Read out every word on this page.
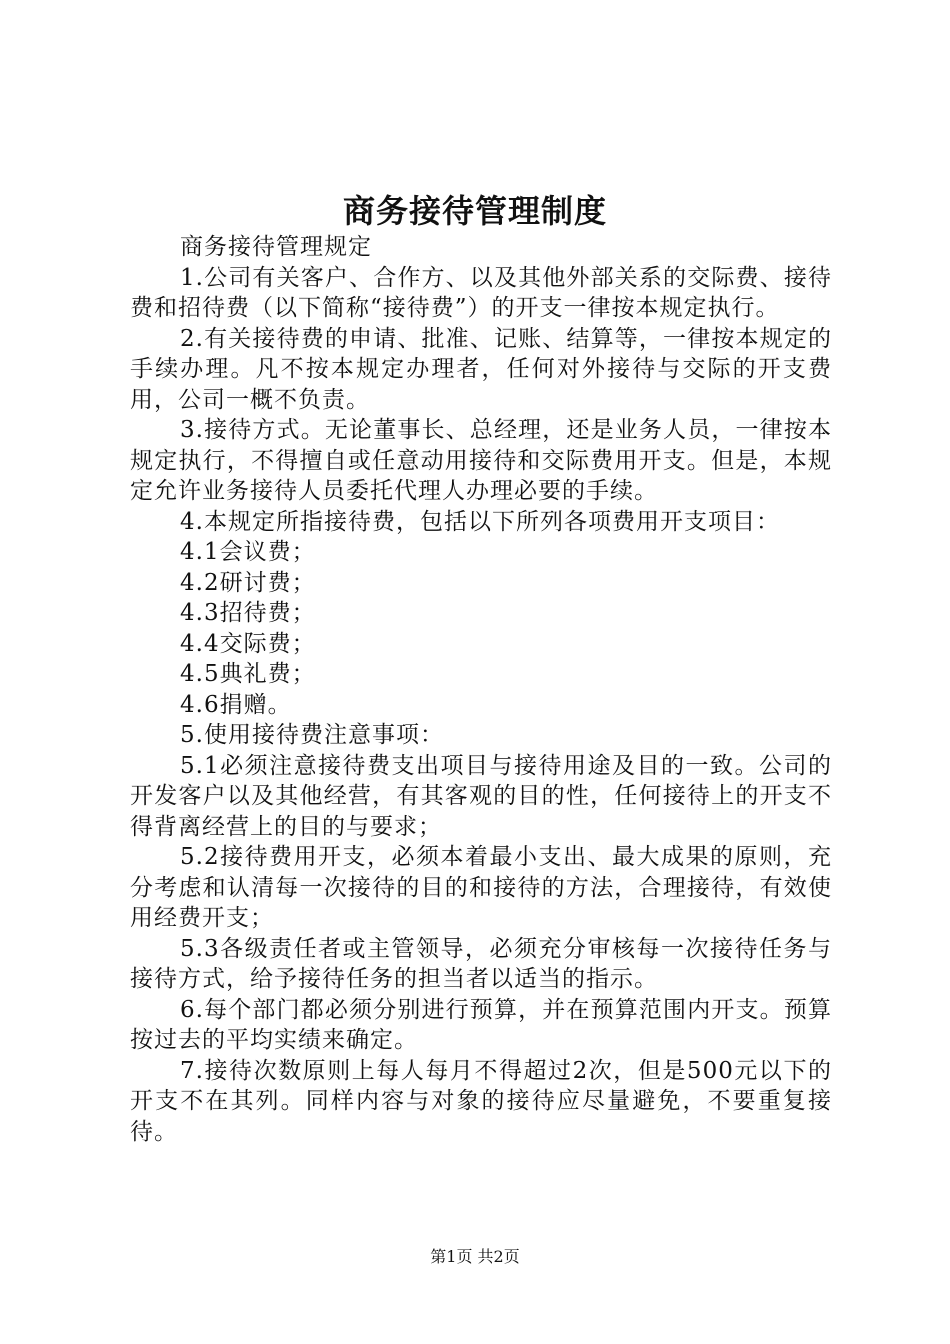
商务接待管理制度

商务接待管理规定

1.公司有关客户、合作方、以及其他外部关系的交际费、接待费和招待费（以下简称“接待费”）的开支一律按本规定执行。

2.有关接待费的申请、批准、记账、结算等，一律按本规定的手续办理。凡不按本规定办理者，任何对外接待与交际的开支费用，公司一概不负责。

3.接待方式。无论董事长、总经理，还是业务人员，一律按本规定执行，不得擅自或任意动用接待和交际费用开支。但是，本规定允许业务接待人员委托代理人办理必要的手续。

4.本规定所指接待费，包括以下所列各项费用开支项目：

4.1会议费；

4.2研讨费；

4.3招待费；

4.4交际费；

4.5典礼费；

4.6捐赠。

5.使用接待费注意事项：

5.1必须注意接待费支出项目与接待用途及目的一致。公司的开发客户以及其他经营，有其客观的目的性，任何接待上的开支不得背离经营上的目的与要求；

5.2接待费用开支，必须本着最小支出、最大成果的原则，充分考虑和认清每一次接待的目的和接待的方法，合理接待，有效使用经费开支；

5.3各级责任者或主管领导，必须充分审核每一次接待任务与接待方式，给予接待任务的担当者以适当的指示。

6.每个部门都必须分别进行预算，并在预算范围内开支。预算按过去的平均实绩来确定。

7.接待次数原则上每人每月不得超过2次，但是500元以下的开支不在其列。同样内容与对象的接待应尽量避免，不要重复接待。

第1页 共2页
